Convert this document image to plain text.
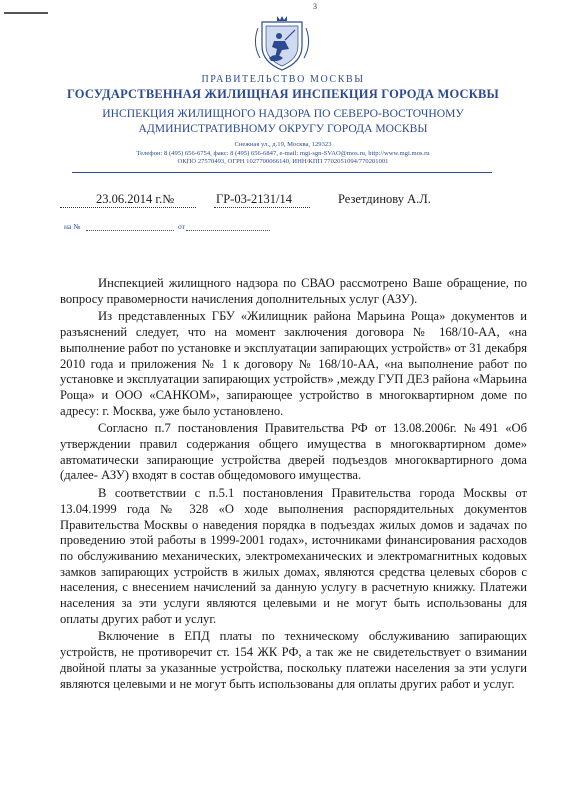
3
ПРАВИТЕЛЬСТВО МОСКВЫ
ГОСУДАРСТВЕННАЯ ЖИЛИЩНАЯ ИНСПЕКЦИЯ ГОРОДА МОСКВЫ
ИНСПЕКЦИЯ ЖИЛИЩНОГО НАДЗОРА ПО СЕВЕРО-ВОСТОЧНОМУ
АДМИНИСТРАТИВНОМУ ОКРУГУ ГОРОДА МОСКВЫ
Снежная ул., д.19, Москва, 129323
Телефон: 8 (495) 656-6754, факс: 8 (495) 656-6847, e-mail: mgi-sgn-SVAO@mos.ru, http://www.mgi.mos.ru
ОКПО 27570493, ОГРН 1027700066140, ИНН/КПП 7702051094/770201001
23.06.2014 г.№	ГР-03-2131/14	Резетдинову А.Л.
на №	от

Инспекцией жилищного надзора по СВАО рассмотрено Ваше обращение, по вопросу правомерности начисления дополнительных услуг (АЗУ).

Из представленных ГБУ «Жилищник района Марьина Роща» документов и разъяснений следует, что на момент заключения договора № 168/10-АА, «на выполнение работ по установке и эксплуатации запирающих устройств» от 31 декабря 2010 года и приложения № 1 к договору № 168/10-АА, «на выполнение работ по установке и эксплуатации запирающих устройств» ,между ГУП ДЕЗ района «Марьина Роща» и ООО «САНКОМ», запирающее устройство в многоквартирном доме по адресу: г. Москва, уже было установлено.

Согласно п.7 постановления Правительства РФ от 13.08.2006г. №491 «Об утверждении правил содержания общего имущества в многоквартирном доме» автоматически запирающие устройства дверей подъездов многоквартирного дома (далее- АЗУ) входят в состав общедомового имущества.

В соответствии с п.5.1 постановления Правительства города Москвы от 13.04.1999 года № 328 «О ходе выполнения распорядительных документов Правительства Москвы о наведения порядка в подъездах жилых домов и задачах по проведению этой работы в 1999-2001 годах», источниками финансирования расходов по обслуживанию механических, электромеханических и электромагнитных кодовых замков запирающих устройств в жилых домах, являются средства целевых сборов с населения, с внесением начислений за данную услугу в расчетную книжку. Платежи населения за эти услуги являются целевыми и не могут быть использованы для оплаты других работ и услуг.

Включение в ЕПД платы по техническому обслуживанию запирающих устройств, не противоречит ст. 154 ЖК РФ, а так же не свидетельствует о взимании двойной платы за указанные устройства, поскольку платежи населения за эти услуги являются целевыми и не могут быть использованы для оплаты других работ и услуг.
